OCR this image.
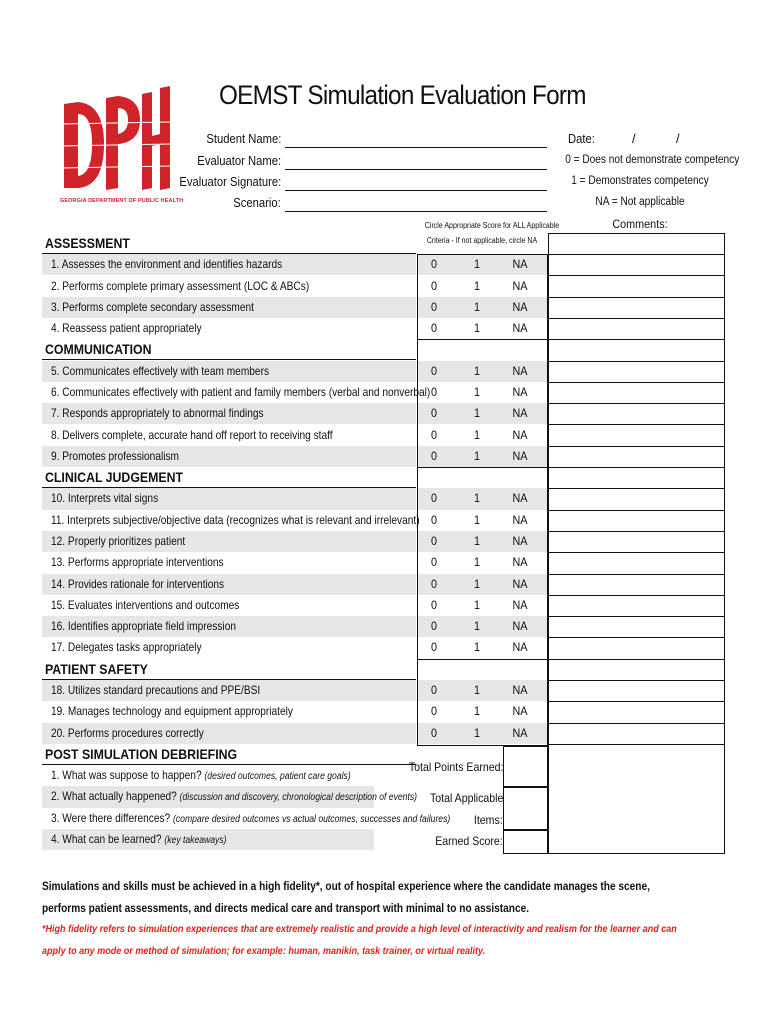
GEORGIA DEPARTMENT OF PUBLIC HEALTH
OEMST Simulation Evaluation Form
Student Name:
Evaluator Name:
Evaluator Signature:
Scenario:
Date:	/	/
0 = Does not demonstrate competency
1 = Demonstrates competency
NA = Not applicable
Circle Appropriate Score for ALL Applicable
Criteria - If not applicable, circle NA
Comments:
ASSESSMENT
1. Assesses the environment and identifies hazards	0	1	NA
2. Performs complete primary assessment (LOC & ABCs)	0	1	NA
3. Performs complete secondary assessment	0	1	NA
4. Reassess patient appropriately	0	1	NA
COMMUNICATION
5. Communicates effectively with team members	0	1	NA
6. Communicates effectively with patient and family members (verbal and nonverbal) 0	1	NA
7. Responds appropriately to abnormal findings	0	1	NA
8. Delivers complete, accurate hand off report to receiving staff	0	1	NA
9. Promotes professionalism	0	1	NA
CLINICAL JUDGEMENT
10. Interprets vital signs	0	1	NA
11. Interprets subjective/objective data (recognizes what is relevant and irrelevant) 0	1	NA
12. Properly prioritizes patient	0	1	NA
13. Performs appropriate interventions	0	1	NA
14. Provides rationale for interventions	0	1	NA
15. Evaluates interventions and outcomes	0	1	NA
16. Identifies appropriate field impression	0	1	NA
17. Delegates tasks appropriately	0	1	NA
PATIENT SAFETY
18. Utilizes standard precautions and PPE/BSI	0	1	NA
19. Manages technology and equipment appropriately	0	1	NA
20. Performs procedures correctly	0	1	NA
POST SIMULATION DEBRIEFING
1. What was suppose to happen? (desired outcomes, patient care goals)
2. What actually happened? (discussion and discovery, chronological description of events)
3. Were there differences? (compare desired outcomes vs actual outcomes, successes and failures)
4. What can be learned? (key takeaways)
Total Points Earned:
Total Applicable
Items:
Earned Score:
Simulations and skills must be achieved in a high fidelity*, out of hospital experience where the candidate manages the scene, performs patient assessments, and directs medical care and transport with minimal to no assistance.
*High fidelity refers to simulation experiences that are extremely realistic and provide a high level of interactivity and realism for the learner and can apply to any mode or method of simulation; for example: human, manikin, task trainer, or virtual reality.
